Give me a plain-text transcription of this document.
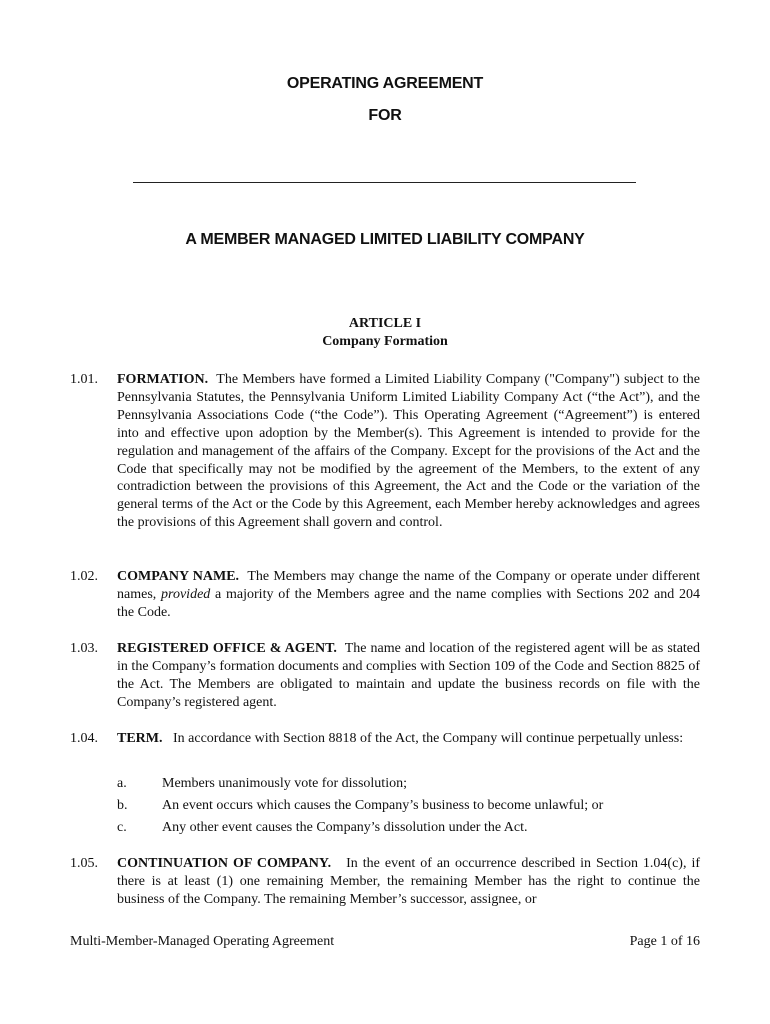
OPERATING AGREEMENT
FOR
A MEMBER MANAGED LIMITED LIABILITY COMPANY
ARTICLE I
Company Formation
1.01.	FORMATION. The Members have formed a Limited Liability Company ("Company") subject to the Pennsylvania Statutes, the Pennsylvania Uniform Limited Liability Company Act (“the Act”), and the Pennsylvania Associations Code (“the Code”). This Operating Agreement (“Agreement”) is entered into and effective upon adoption by the Member(s). This Agreement is intended to provide for the regulation and management of the affairs of the Company. Except for the provisions of the Act and the Code that specifically may not be modified by the agreement of the Members, to the extent of any contradiction between the provisions of this Agreement, the Act and the Code or the variation of the general terms of the Act or the Code by this Agreement, each Member hereby acknowledges and agrees the provisions of this Agreement shall govern and control.
1.02.	COMPANY NAME. The Members may change the name of the Company or operate under different names, provided a majority of the Members agree and the name complies with Sections 202 and 204 the Code.
1.03.	REGISTERED OFFICE & AGENT. The name and location of the registered agent will be as stated in the Company’s formation documents and complies with Section 109 of the Code and Section 8825 of the Act. The Members are obligated to maintain and update the business records on file with the Company’s registered agent.
1.04.	TERM. In accordance with Section 8818 of the Act, the Company will continue perpetually unless:
a.	Members unanimously vote for dissolution;
b. An event occurs which causes the Company’s business to become unlawful; or
c.	Any other event causes the Company’s dissolution under the Act.
1.05.	CONTINUATION OF COMPANY. In the event of an occurrence described in Section 1.04(c), if there is at least (1) one remaining Member, the remaining Member has the right to continue the business of the Company. The remaining Member’s successor, assignee, or
Multi-Member-Managed Operating Agreement	Page 1 of 16
